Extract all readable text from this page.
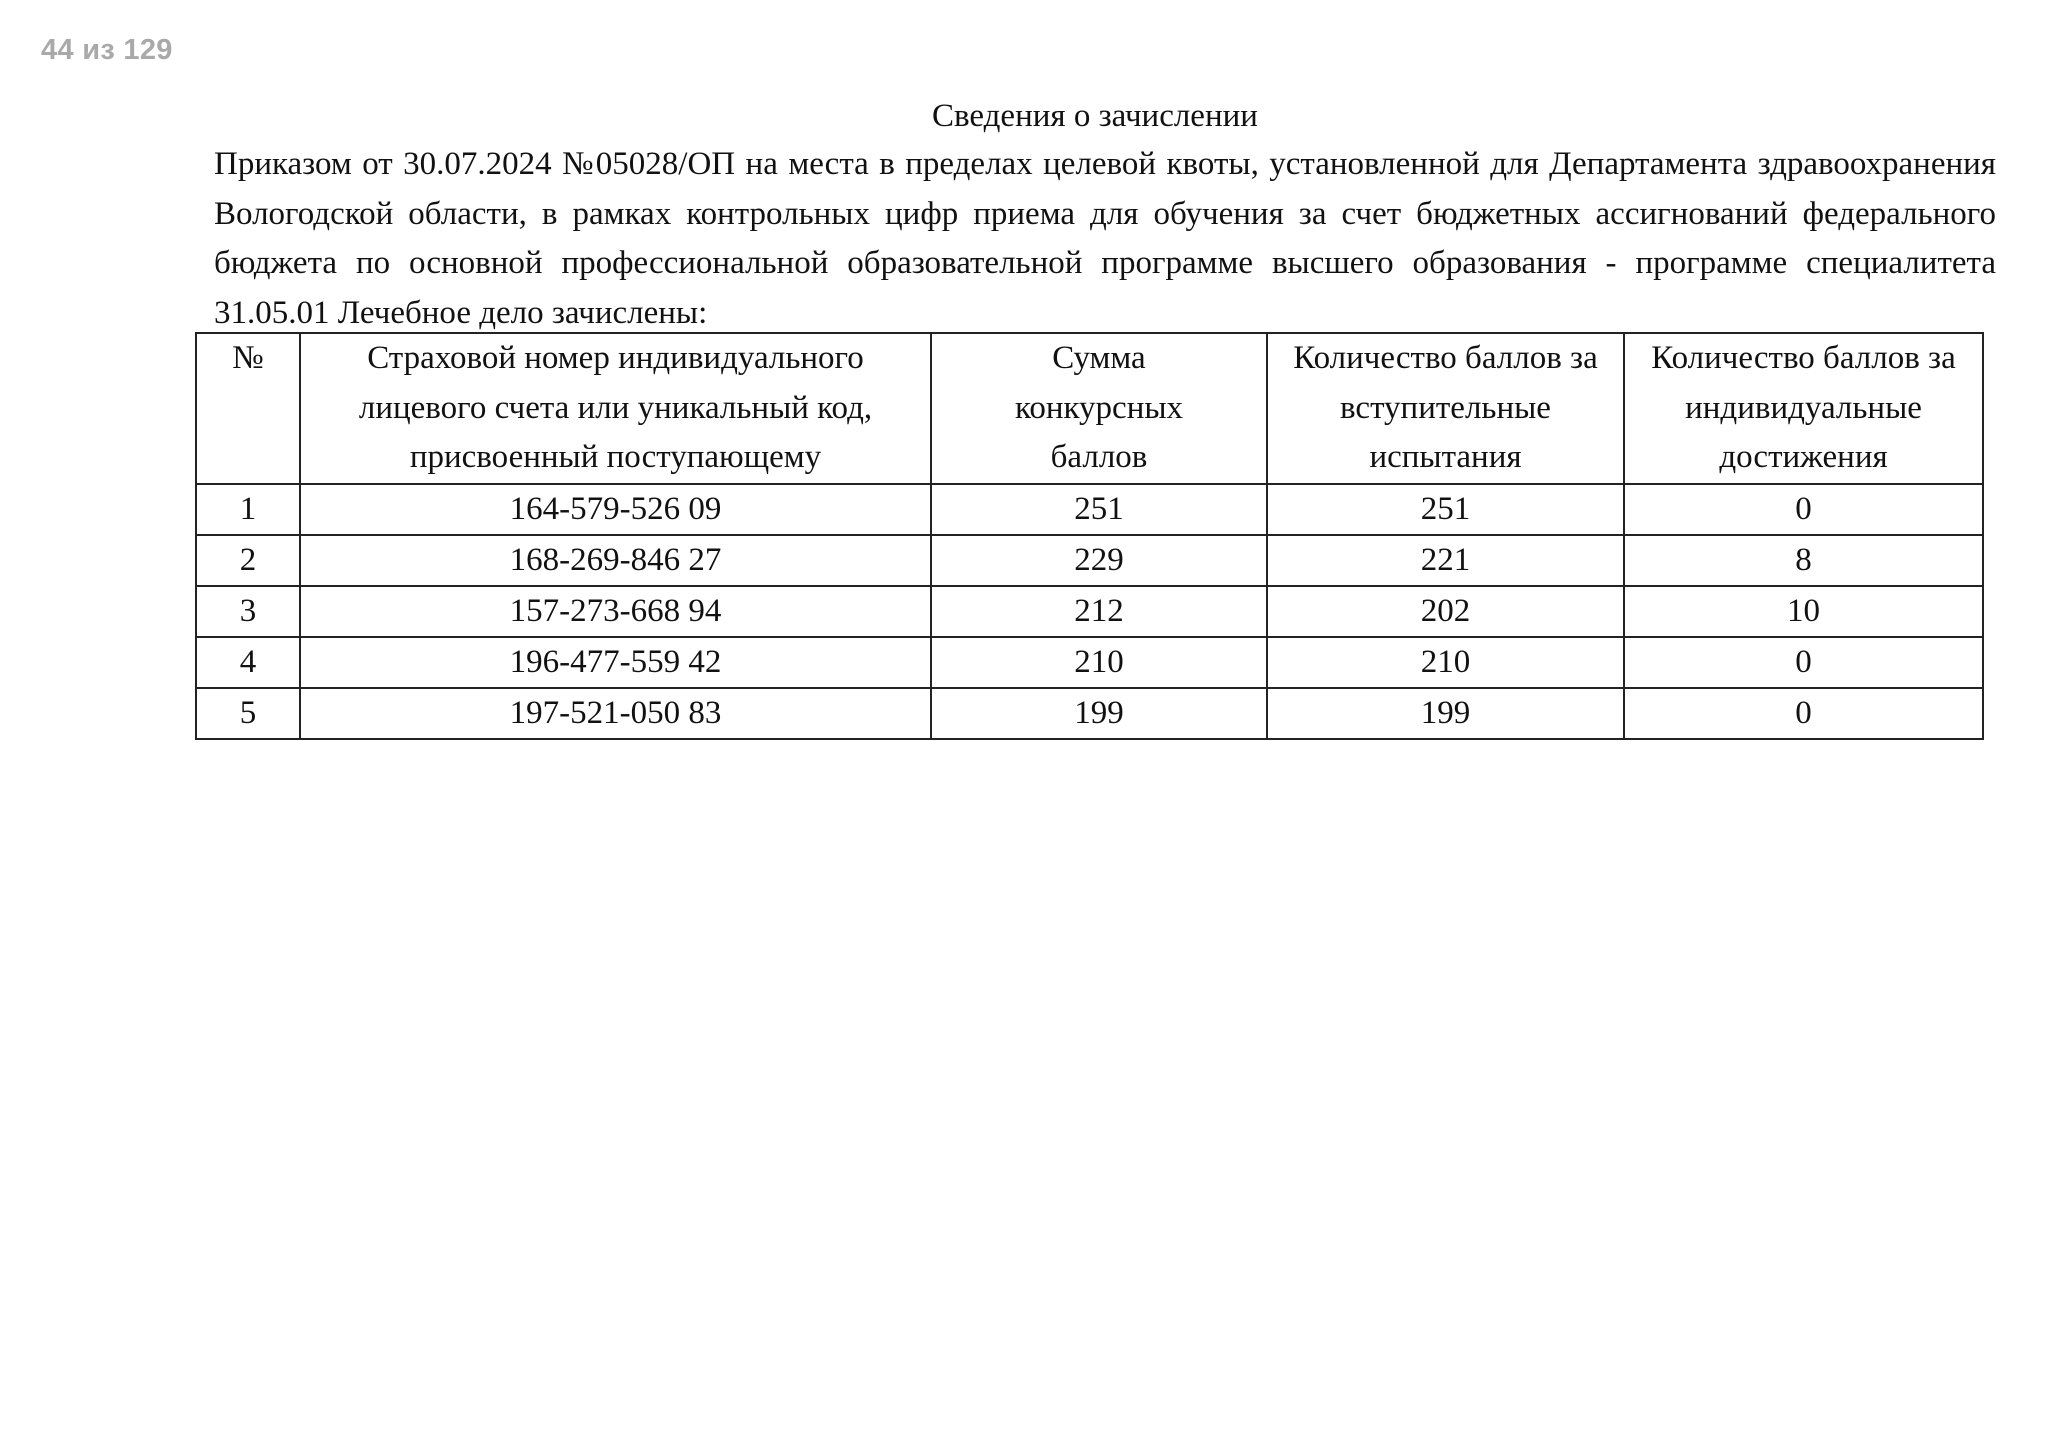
44 из 129
Сведения о зачислении

Приказом от 30.07.2024 №05028/ОП на места в пределах целевой квоты, установленной для Департамента здравоохранения Вологодской области, в рамках контрольных цифр приема для обучения за счет бюджетных ассигнований федерального бюджета по основной профессиональной образовательной программе высшего образования - программе специалитета 31.05.01 Лечебное дело зачислены:

№	Страховой номер индивидуального лицевого счета или уникальный код, присвоенный поступающему	Сумма конкурсных баллов	Количество баллов за вступительные испытания	Количество баллов за индивидуальные достижения
1	164-579-526 09	251	251	0
2	168-269-846 27	229	221	8
3	157-273-668 94	212	202	10
4	196-477-559 42	210	210	0
5	197-521-050 83	199	199	0
